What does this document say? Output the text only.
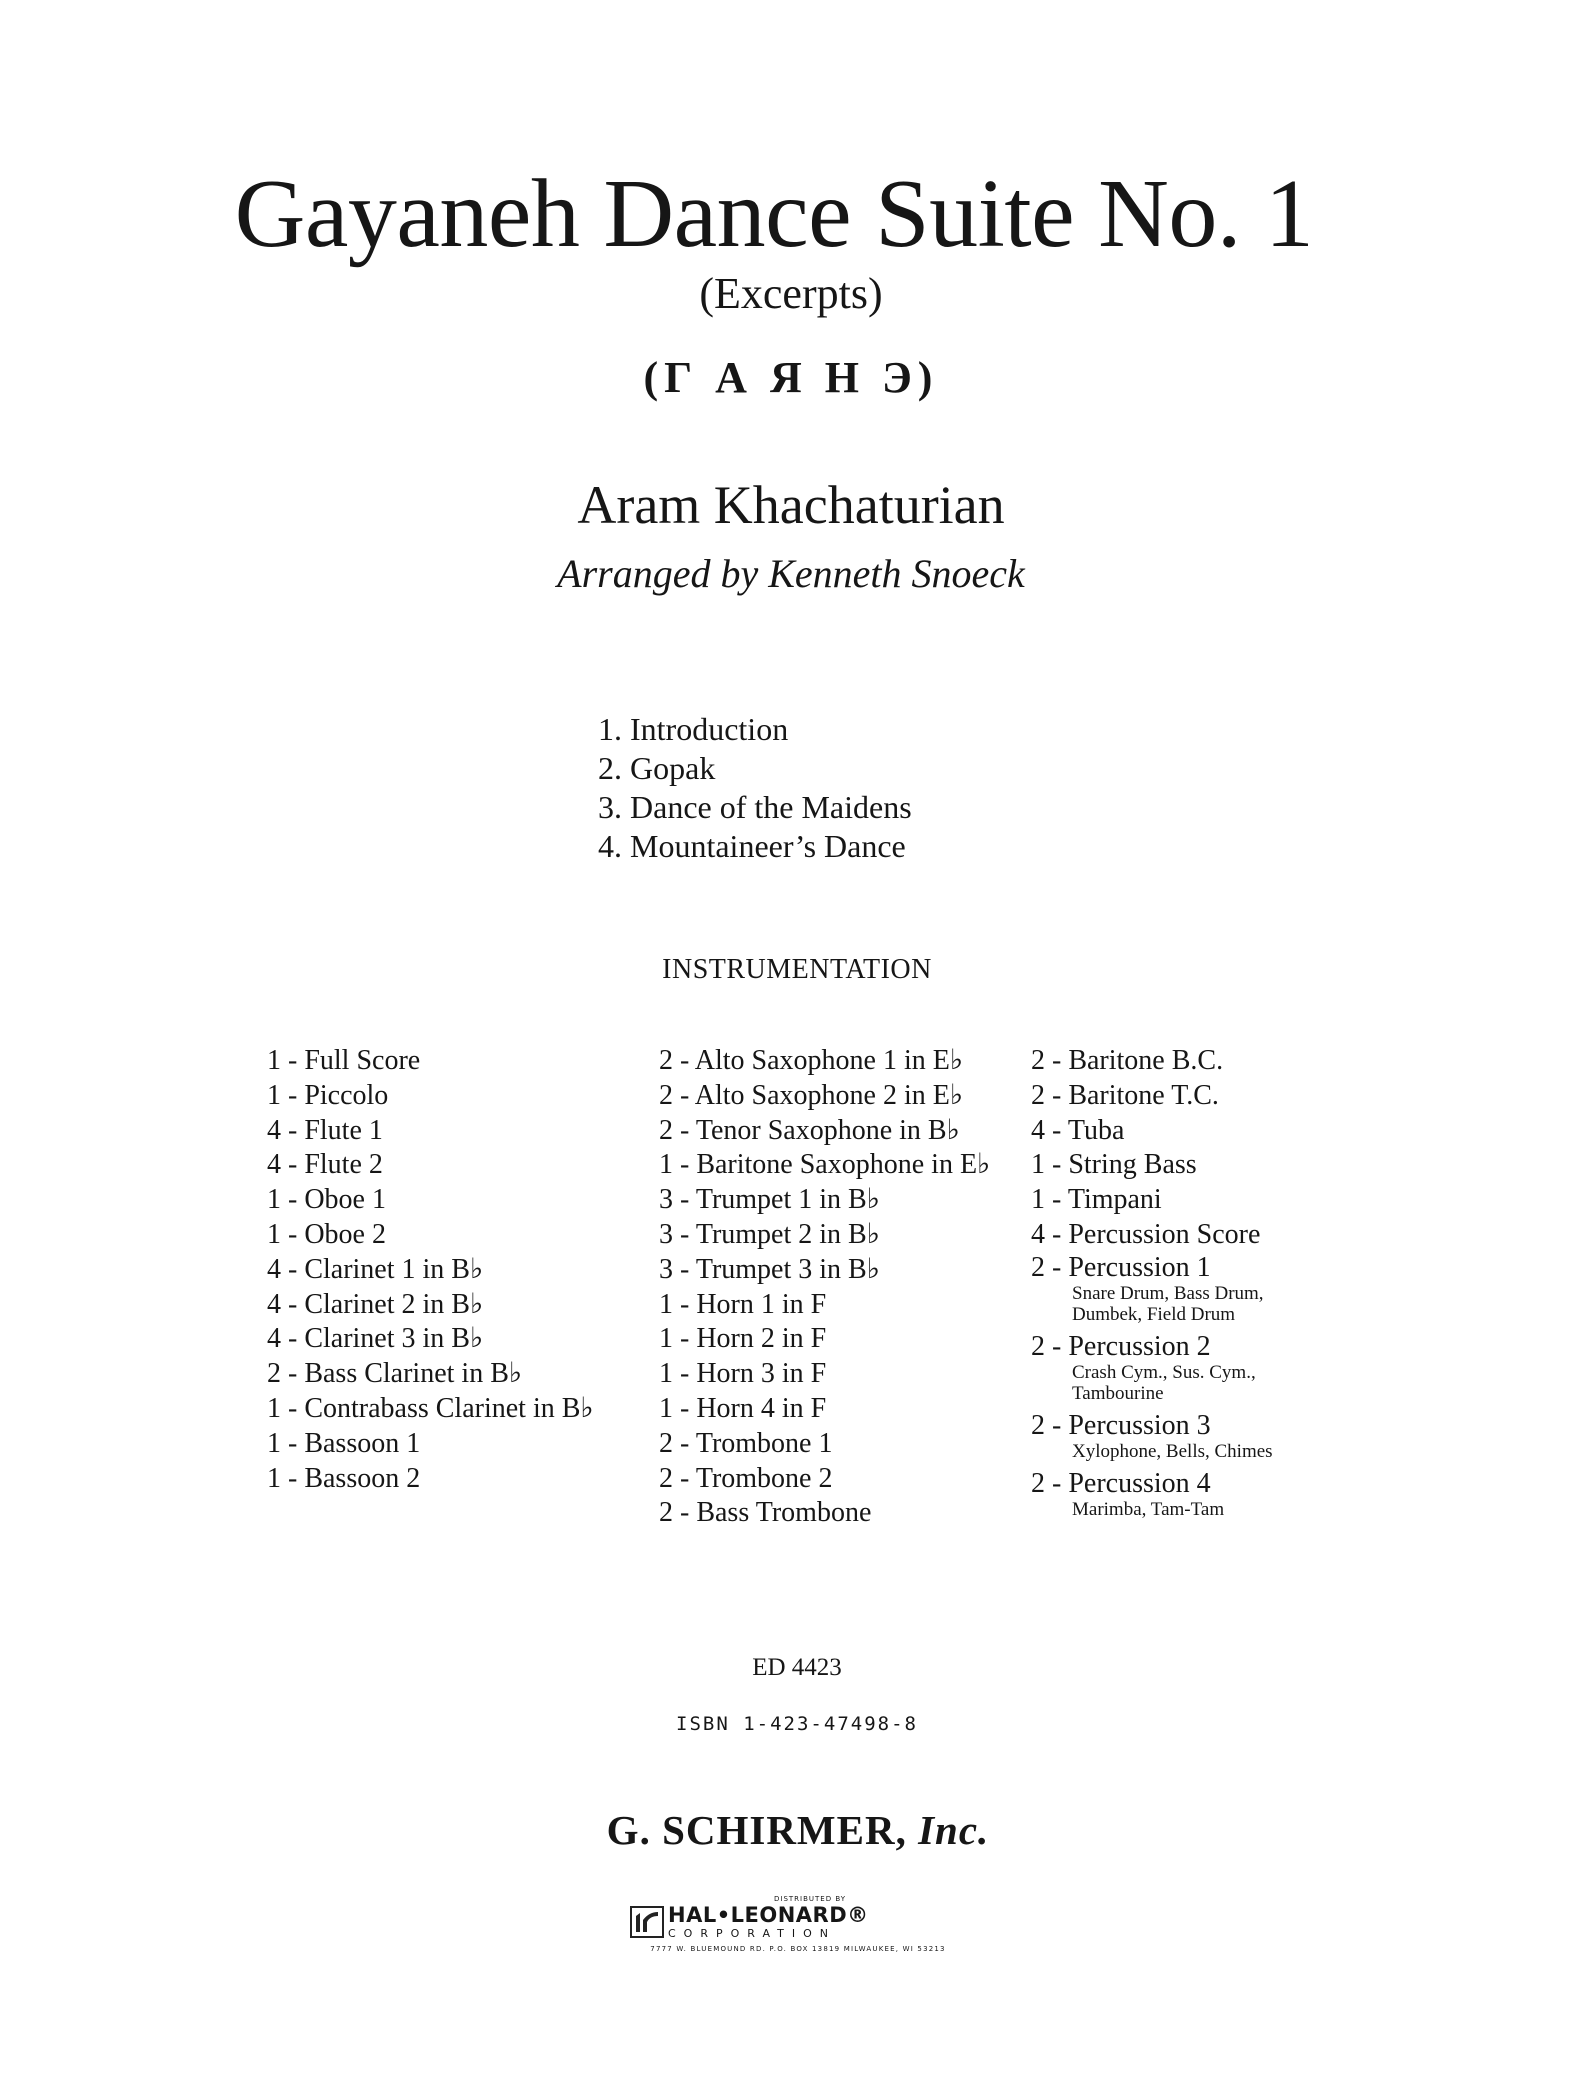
Gayaneh Dance Suite No. 1
(Excerpts)
(Г А Я Н Э)
Aram Khachaturian
Arranged by Kenneth Snoeck
1. Introduction
2. Gopak
3. Dance of the Maidens
4. Mountaineer’s Dance
INSTRUMENTATION
1 - Full Score
1 - Piccolo
4 - Flute 1
4 - Flute 2
1 - Oboe 1
1 - Oboe 2
4 - Clarinet 1 in B♭
4 - Clarinet 2 in B♭
4 - Clarinet 3 in B♭
2 - Bass Clarinet in B♭
1 - Contrabass Clarinet in B♭
1 - Bassoon 1
1 - Bassoon 2
2 - Alto Saxophone 1 in E♭
2 - Alto Saxophone 2 in E♭
2 - Tenor Saxophone in B♭
1 - Baritone Saxophone in E♭
3 - Trumpet 1 in B♭
3 - Trumpet 2 in B♭
3 - Trumpet 3 in B♭
1 - Horn 1 in F
1 - Horn 2 in F
1 - Horn 3 in F
1 - Horn 4 in F
2 - Trombone 1
2 - Trombone 2
2 - Bass Trombone
2 - Baritone B.C.
2 - Baritone T.C.
4 - Tuba
1 - String Bass
1 - Timpani
4 - Percussion Score
2 - Percussion 1
Snare Drum, Bass Drum,
Dumbek, Field Drum
2 - Percussion 2
Crash Cym., Sus. Cym.,
Tambourine
2 - Percussion 3
Xylophone, Bells, Chimes
2 - Percussion 4
Marimba, Tam-Tam
ED 4423
ISBN 1-423-47498-8
G. SCHIRMER, Inc.
DISTRIBUTED BY
HAL•LEONARD®
CORPORATION
7777 W. BLUEMOUND RD. P.O. BOX 13819 MILWAUKEE, WI 53213
